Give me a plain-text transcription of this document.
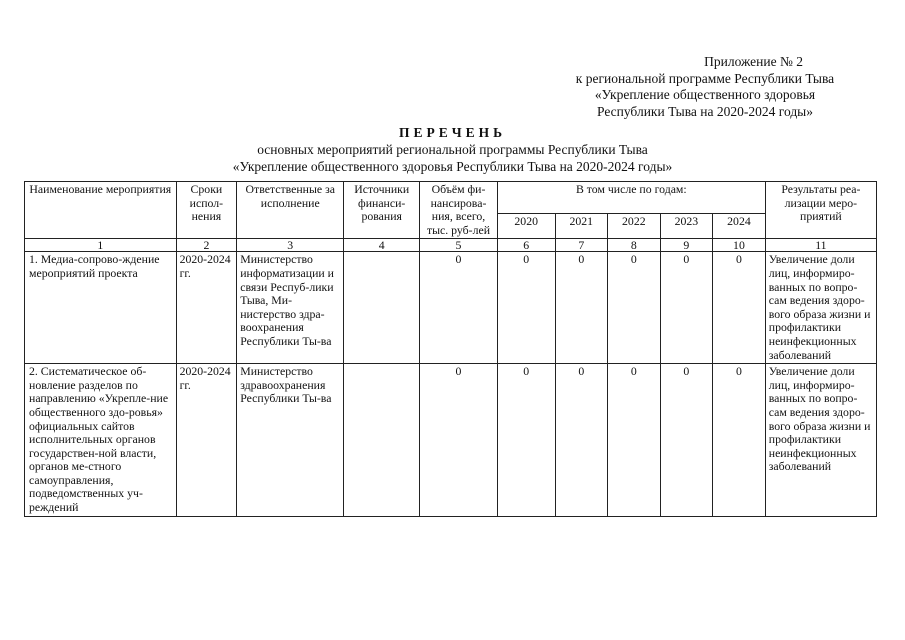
Приложение № 2
к региональной программе Республики Тыва
«Укрепление общественного здоровья
Республики Тыва на 2020-2024 годы»
ПЕРЕЧЕНЬ
основных мероприятий региональной программы Республики Тыва
«Укрепление общественного здоровья Республики Тыва на 2020-2024 годы»
Наименование мероприятия	Сроки испол-нения	Ответственные за исполнение	Источники финанси-рования	Объём фи-нансирова-ния, всего, тыс. руб-лей	В том числе по годам:					Результаты реа-лизации меро-приятий
					2020	2021	2022	2023	2024	
1	2	3	4	5	6	7	8	9	10	11
1. Медиа-сопрово-ждение мероприятий проекта	2020-2024 гг.	Министерство информатизации и связи Респуб-лики Тыва, Ми-нистерство здра-воохранения Республики Ты-ва		0	0	0	0	0	0	Увеличение доли лиц, информиро-ванных по вопро-сам ведения здоро-вого образа жизни и профилактики неинфекционных заболеваний
2. Систематическое об-новление разделов по направлению «Укрепле-ние общественного здо-ровья» официальных сайтов исполнительных органов государствен-ной власти, органов ме-стного самоуправления, подведомственных уч-реждений	2020-2024 гг.	Министерство здравоохранения Республики Ты-ва		0	0	0	0	0	0	Увеличение доли лиц, информиро-ванных по вопро-сам ведения здоро-вого образа жизни и профилактики неинфекционных заболеваний
